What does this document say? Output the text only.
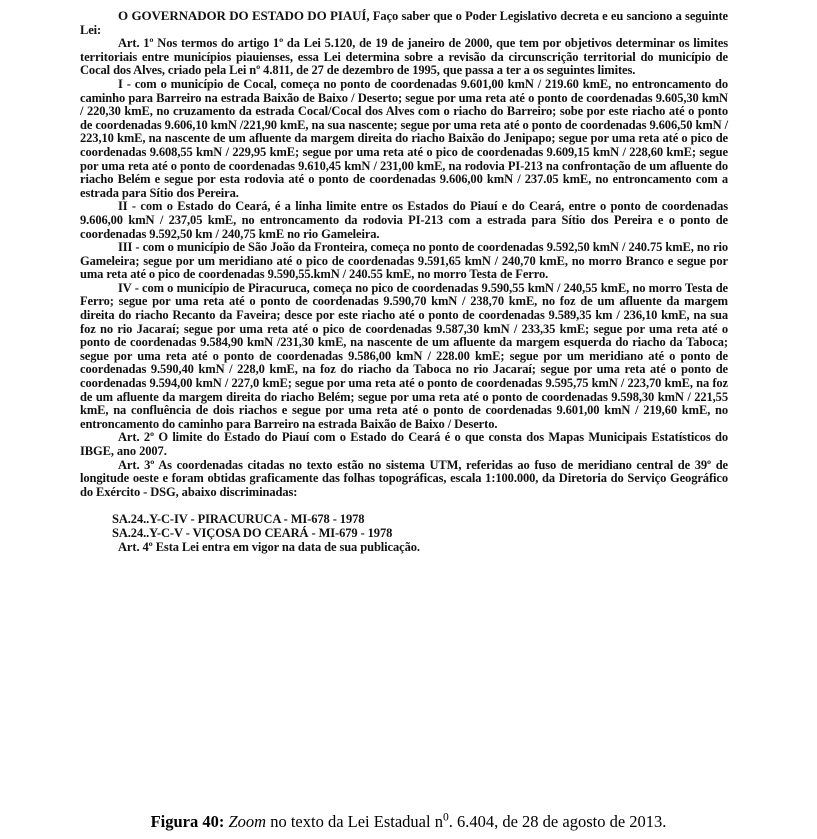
O GOVERNADOR DO ESTADO DO PIAUÍ, Faço saber que o Poder Legislativo decreta e eu sanciono a seguinte Lei:

Art. 1º Nos termos do artigo 1º da Lei 5.120, de 19 de janeiro de 2000, que tem por objetivos determinar os limites territoriais entre municípios piauienses, essa Lei determina sobre a revisão da circunscrição territorial do município de Cocal dos Alves, criado pela Lei nº 4.811, de 27 de dezembro de 1995, que passa a ter a os seguintes limites.

I - com o município de Cocal, começa no ponto de coordenadas 9.601,00 kmN / 219.60 kmE, no entroncamento do caminho para Barreiro na estrada Baixão de Baixo / Deserto; segue por uma reta até o ponto de coordenadas 9.605,30 kmN / 220,30 kmE, no cruzamento da estrada Cocal/Cocal dos Alves com o riacho do Barreiro; sobe por este riacho até o ponto de coordenadas 9.606,10 kmN /221,90 kmE, na sua nascente; segue por uma reta até o ponto de coordenadas 9.606,50 kmN / 223,10 kmE, na nascente de um afluente da margem direita do riacho Baixão do Jenipapo; segue por uma reta até o pico de coordenadas 9.608,55 kmN / 229,95 kmE; segue por uma reta até o pico de coordenadas 9.609,15 kmN / 228,60 kmE; segue por uma reta até o ponto de coordenadas 9.610,45 kmN / 231,00 kmE, na rodovia PI-213 na confrontação de um afluente do riacho Belém e segue por esta rodovia até o ponto de coordenadas 9.606,00 kmN / 237.05 kmE, no entroncamento com a estrada para Sítio dos Pereira.

II - com o Estado do Ceará, é a linha limite entre os Estados do Piauí e do Ceará, entre o ponto de coordenadas 9.606,00 kmN / 237,05 kmE, no entroncamento da rodovia PI-213 com a estrada para Sítio dos Pereira e o ponto de coordenadas 9.592,50 km / 240,75 kmE no rio Gameleira.

III - com o município de São João da Fronteira, começa no ponto de coordenadas 9.592,50 kmN / 240.75 kmE, no rio Gameleira; segue por um meridiano até o pico de coordenadas 9.591,65 kmN / 240,70 kmE, no morro Branco e segue por uma reta até o pico de coordenadas 9.590,55.kmN / 240.55 kmE, no morro Testa de Ferro.

IV - com o município de Piracuruca, começa no pico de coordenadas 9.590,55 kmN / 240,55 kmE, no morro Testa de Ferro; segue por uma reta até o ponto de coordenadas 9.590,70 kmN / 238,70 kmE, no foz de um afluente da margem direita do riacho Recanto da Faveira; desce por este riacho até o ponto de coordenadas 9.589,35 km / 236,10 kmE, na sua foz no rio Jacaraí; segue por uma reta até o pico de coordenadas 9.587,30 kmN / 233,35 kmE; segue por uma reta até o ponto de coordenadas 9.584,90 kmN /231,30 kmE, na nascente de um afluente da margem esquerda do riacho da Taboca; segue por uma reta até o ponto de coordenadas 9.586,00 kmN / 228.00 kmE; segue por um meridiano até o ponto de coordenadas 9.590,40 kmN / 228,0 kmE, na foz do riacho da Taboca no rio Jacaraí; segue por uma reta até o ponto de coordenadas 9.594,00 kmN / 227,0 kmE; segue por uma reta até o ponto de coordenadas 9.595,75 kmN / 223,70 kmE, na foz de um afluente da margem direita do riacho Belém; segue por uma reta até o ponto de coordenadas 9.598,30 kmN / 221,55 kmE, na confluência de dois riachos e segue por uma reta até o ponto de coordenadas 9.601,00 kmN / 219,60 kmE, no entroncamento do caminho para Barreiro na estrada Baixão de Baixo / Deserto.

Art. 2º O limite do Estado do Piauí com o Estado do Ceará é o que consta dos Mapas Municipais Estatísticos do IBGE, ano 2007.

Art. 3º As coordenadas citadas no texto estão no sistema UTM, referidas ao fuso de meridiano central de 39º de longitude oeste e foram obtidas graficamente das folhas topográficas, escala 1:100.000, da Diretoria do Serviço Geográfico do Exército - DSG, abaixo discriminadas:

SA.24..Y-C-IV - PIRACURUCA - MI-678 - 1978

SA.24..Y-C-V - VIÇOSA DO CEARÁ - MI-679 - 1978

Art. 4º Esta Lei entra em vigor na data de sua publicação.

Figura 40: Zoom no texto da Lei Estadual $n^0$. 6.404, de 28 de agosto de 2013.
